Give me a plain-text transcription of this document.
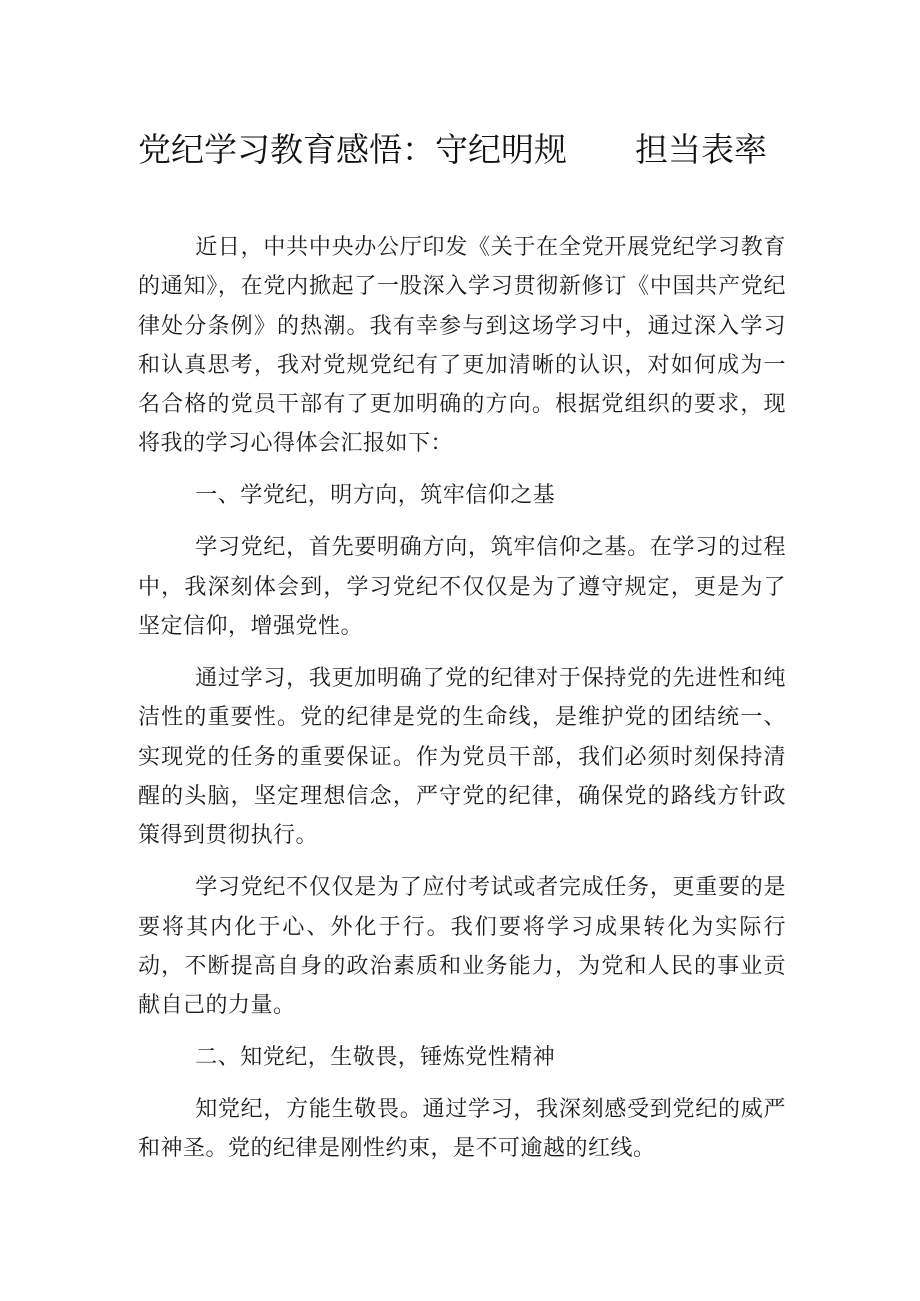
党纪学习教育感悟：守纪明规 担当表率

近日，中共中央办公厅印发《关于在全党开展党纪学习教育的通知》，在党内掀起了一股深入学习贯彻新修订《中国共产党纪律处分条例》的热潮。我有幸参与到这场学习中，通过深入学习和认真思考，我对党规党纪有了更加清晰的认识，对如何成为一名合格的党员干部有了更加明确的方向。根据党组织的要求，现将我的学习心得体会汇报如下：

一、学党纪，明方向，筑牢信仰之基

学习党纪，首先要明确方向，筑牢信仰之基。在学习的过程中，我深刻体会到，学习党纪不仅仅是为了遵守规定，更是为了坚定信仰，增强党性。

通过学习，我更加明确了党的纪律对于保持党的先进性和纯洁性的重要性。党的纪律是党的生命线，是维护党的团结统一、实现党的任务的重要保证。作为党员干部，我们必须时刻保持清醒的头脑，坚定理想信念，严守党的纪律，确保党的路线方针政策得到贯彻执行。

学习党纪不仅仅是为了应付考试或者完成任务，更重要的是要将其内化于心、外化于行。我们要将学习成果转化为实际行动，不断提高自身的政治素质和业务能力，为党和人民的事业贡献自己的力量。

二、知党纪，生敬畏，锤炼党性精神

知党纪，方能生敬畏。通过学习，我深刻感受到党纪的威严和神圣。党的纪律是刚性约束，是不可逾越的红线。
